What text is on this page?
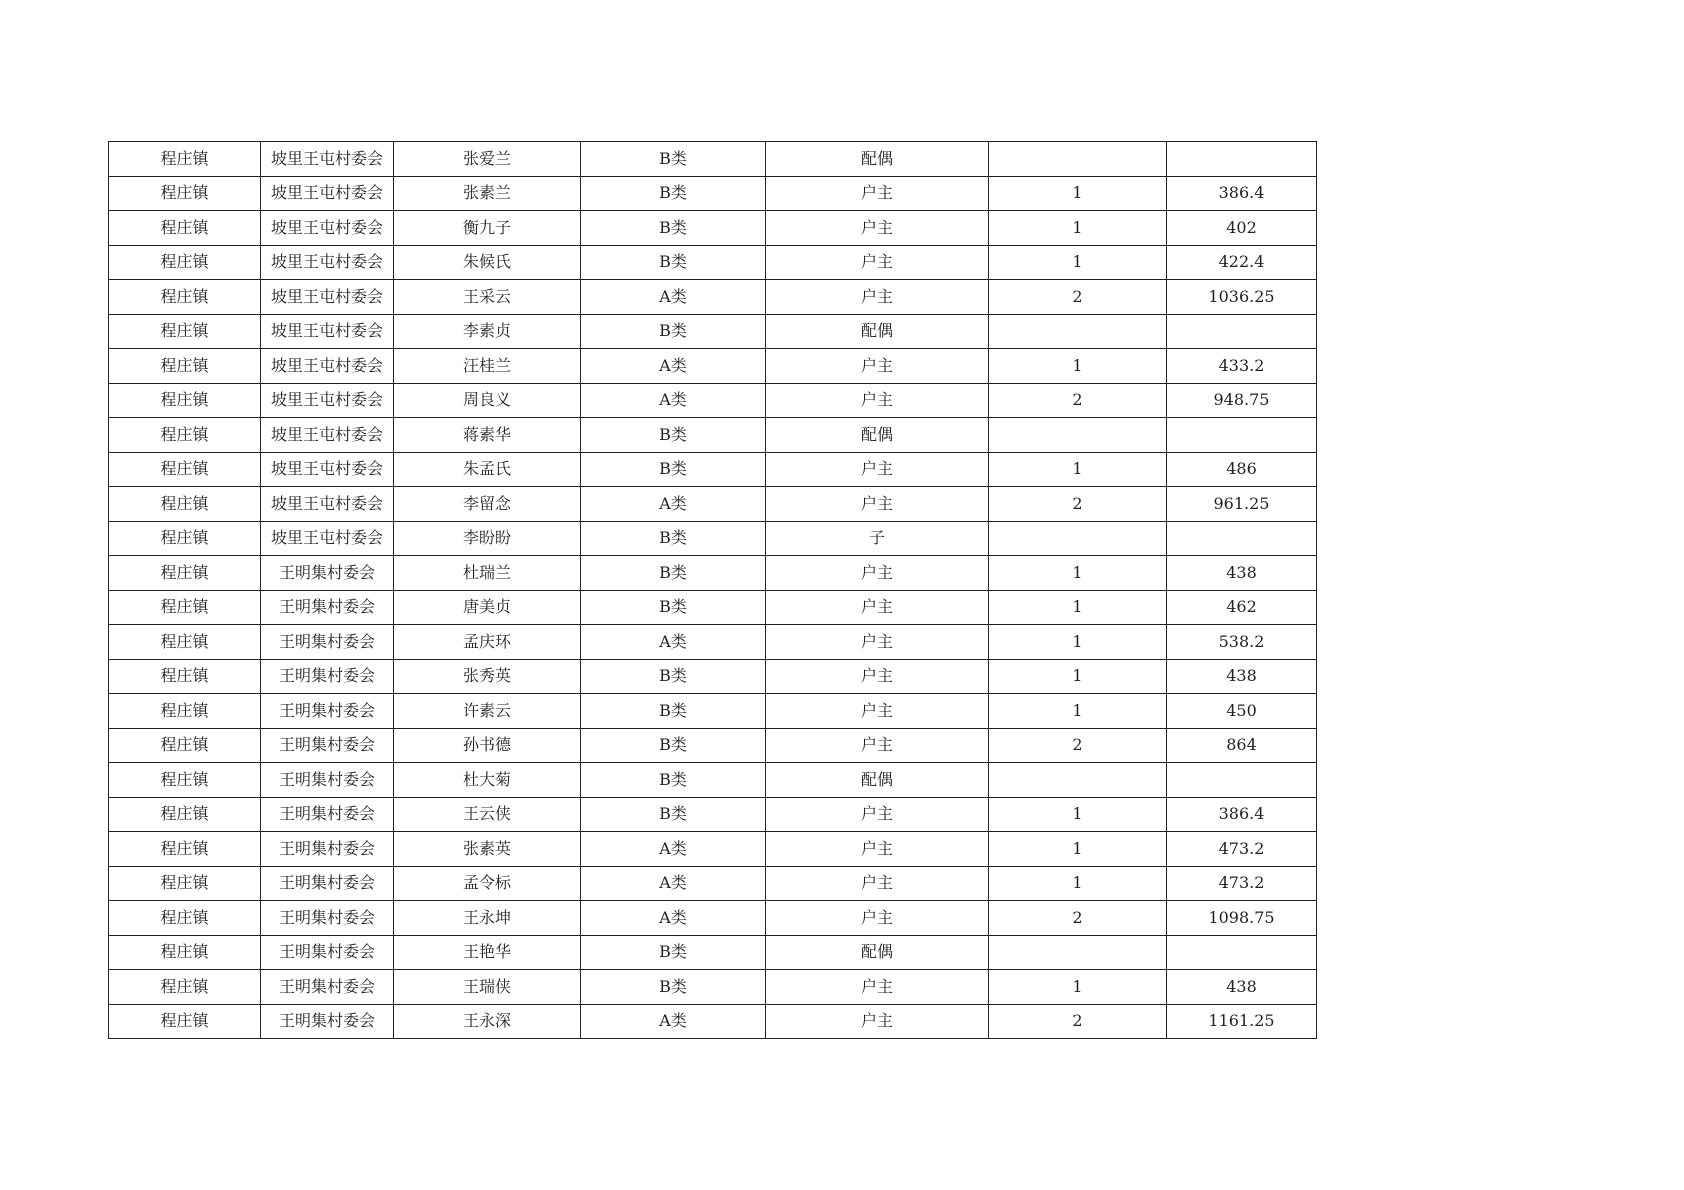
程庄镇	坡里王屯村委会	张爱兰	B类	配偶		
程庄镇	坡里王屯村委会	张素兰	B类	户主	1	386.4
程庄镇	坡里王屯村委会	衡九子	B类	户主	1	402
程庄镇	坡里王屯村委会	朱候氏	B类	户主	1	422.4
程庄镇	坡里王屯村委会	王采云	A类	户主	2	1036.25
程庄镇	坡里王屯村委会	李素贞	B类	配偶		
程庄镇	坡里王屯村委会	汪桂兰	A类	户主	1	433.2
程庄镇	坡里王屯村委会	周良义	A类	户主	2	948.75
程庄镇	坡里王屯村委会	蒋素华	B类	配偶		
程庄镇	坡里王屯村委会	朱孟氏	B类	户主	1	486
程庄镇	坡里王屯村委会	李留念	A类	户主	2	961.25
程庄镇	坡里王屯村委会	李盼盼	B类	子		
程庄镇	王明集村委会	杜瑞兰	B类	户主	1	438
程庄镇	王明集村委会	唐美贞	B类	户主	1	462
程庄镇	王明集村委会	孟庆环	A类	户主	1	538.2
程庄镇	王明集村委会	张秀英	B类	户主	1	438
程庄镇	王明集村委会	许素云	B类	户主	1	450
程庄镇	王明集村委会	孙书德	B类	户主	2	864
程庄镇	王明集村委会	杜大菊	B类	配偶		
程庄镇	王明集村委会	王云侠	B类	户主	1	386.4
程庄镇	王明集村委会	张素英	A类	户主	1	473.2
程庄镇	王明集村委会	孟令标	A类	户主	1	473.2
程庄镇	王明集村委会	王永坤	A类	户主	2	1098.75
程庄镇	王明集村委会	王艳华	B类	配偶		
程庄镇	王明集村委会	王瑞侠	B类	户主	1	438
程庄镇	王明集村委会	王永深	A类	户主	2	1161.25
